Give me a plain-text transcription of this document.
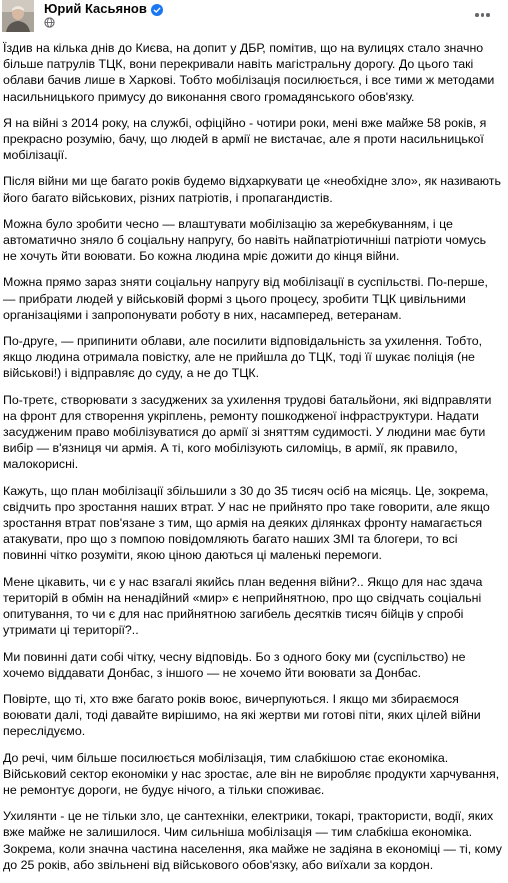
Юрий Касьянов

Їздив на кілька днів до Києва, на допит у ДБР, помітив, що на вулицях стало значно більше патрулів ТЦК, вони перекривали навіть магістральну дорогу. До цього такі облави бачив лише в Харкові. Тобто мобілізація посилюється, і все тими ж методами насильницького примусу до виконання свого громадянського обов'язку.

Я на війні з 2014 року, на службі, офіційно - чотири роки, мені вже майже 58 років, я прекрасно розумію, бачу, що людей в армії не вистачає, але я проти насильницької мобілізації.

Після війни ми ще багато років будемо відхаркувати це «необхідне зло», як називають його багато військових, різних патріотів, і пропагандистів.

Можна було зробити чесно — влаштувати мобілізацію за жеребкуванням, і це автоматично зняло б соціальну напругу, бо навіть найпатріотичніші патріоти чомусь не хочуть йти воювати. Бо кожна людина мріє дожити до кінця війни.

Можна прямо зараз зняти соціальну напругу від мобілізації в суспільстві. По-перше, — прибрати людей у військовій формі з цього процесу, зробити ТЦК цивільними організаціями і запропонувати роботу в них, насамперед, ветеранам.

По-друге, — припинити облави, але посилити відповідальність за ухилення. Тобто, якщо людина отримала повістку, але не прийшла до ТЦК, тоді її шукає поліція (не військові!) і відправляє до суду, а не до ТЦК.

По-третє, створювати з засуджених за ухилення трудові батальйони, які відправляти на фронт для створення укріплень, ремонту пошкодженої інфраструктури. Надати засудженим право мобілізуватися до армії зі зняттям судимості. У людини має бути вибір — в'язниця чи армія. А ті, кого мобілізують силоміць, в армії, як правило, малокорисні.

Кажуть, що план мобілізації збільшили з 30 до 35 тисяч осіб на місяць. Це, зокрема, свідчить про зростання наших втрат. У нас не прийнято про таке говорити, але якщо зростання втрат пов'язане з тим, що армія на деяких ділянках фронту намагається атакувати, про що з помпою повідомляють багато наших ЗМІ та блогери, то всі повинні чітко розуміти, якою ціною даються ці маленькі перемоги.

Мене цікавить, чи є у нас взагалі якийсь план ведення війни?.. Якщо для нас здача територій в обмін на ненадійний «мир» є неприйнятною, про що свідчать соціальні опитування, то чи є для нас прийнятною загибель десятків тисяч бійців у спробі утримати ці території?..

Ми повинні дати собі чітку, чесну відповідь. Бо з одного боку ми (суспільство) не хочемо віддавати Донбас, з іншого — не хочемо йти воювати за Донбас.

Повірте, що ті, хто вже багато років воює, вичерпуються. І якщо ми збираємося воювати далі, тоді давайте вирішимо, на які жертви ми готові піти, яких цілей війни переслідуємо.

До речі, чим більше посилюється мобілізація, тим слабкішою стає економіка. Військовий сектор економіки у нас зростає, але він не виробляє продукти харчування, не ремонтує дороги, не будує нічого, а тільки споживає.

Ухилянти - це не тільки зло, це сантехніки, електрики, токарі, трактористи, водії, яких вже майже не залишилося. Чим сильніша мобілізація — тим слабкіша економіка. Зокрема, коли значна частина населення, яка майже не задіяна в економіці — ті, кому до 25 років, або звільнені від військового обов'язку, або виїхали за кордон.
